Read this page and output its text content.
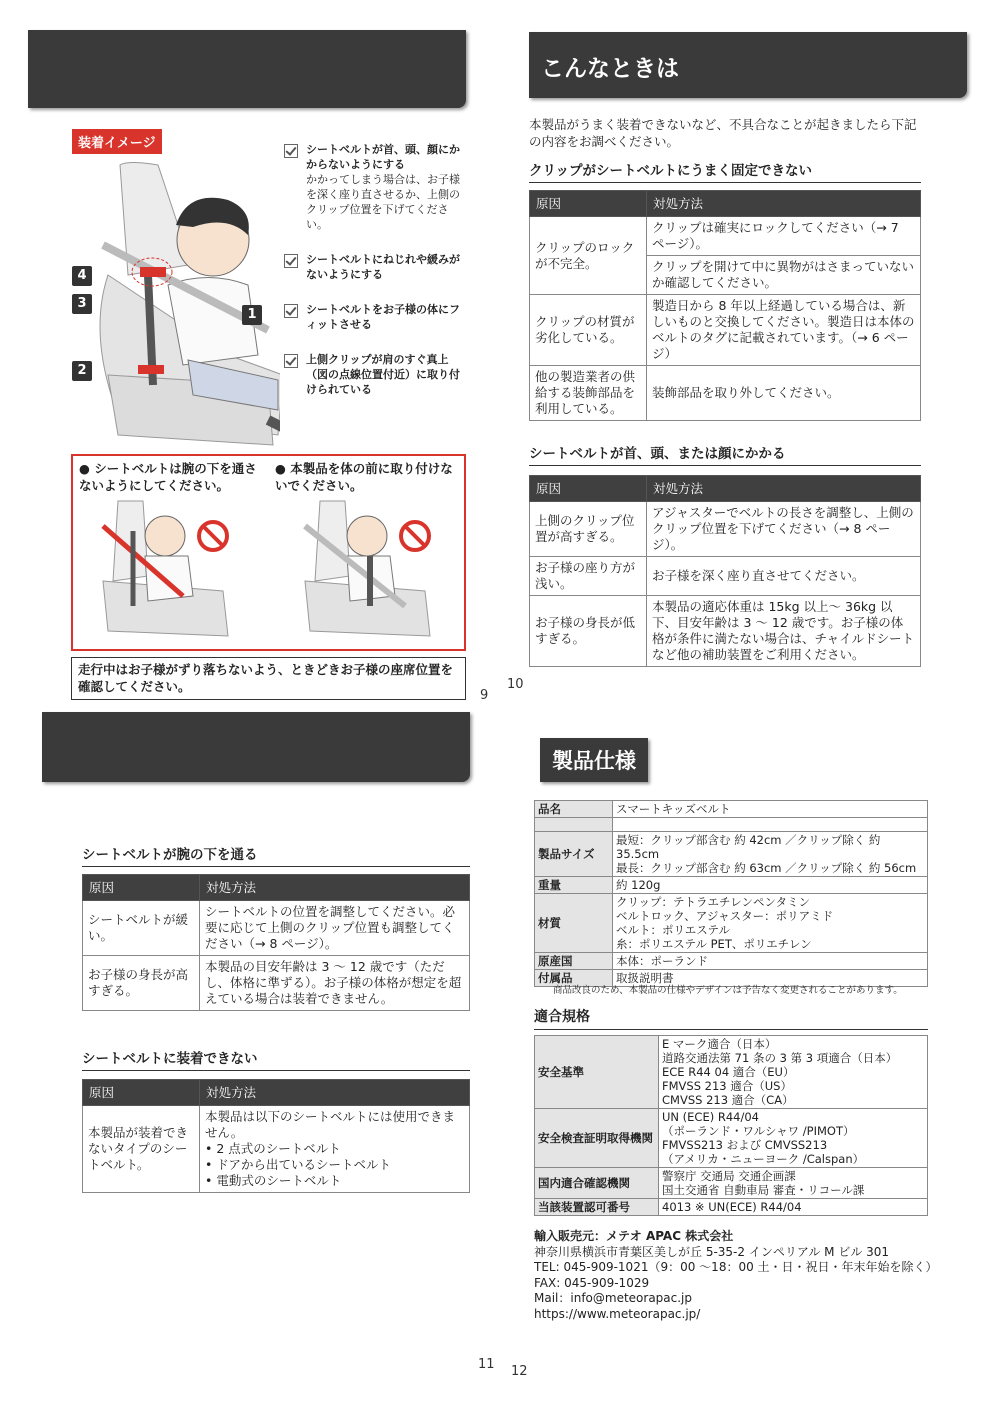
装着イメージ
4
3
1
2
シートベルトが首、頭、顔にかからないようにする
かかってしまう場合は、お子様を深く座り直させるか、上側のクリップ位置を下げてください。
シートベルトにねじれや緩みがないようにする
シートベルトをお子様の体にフィットさせる
上側クリップが肩のすぐ真上（図の点線位置付近）に取り付けられている
● シートベルトは腕の下を通さないようにしてください。
● 本製品を体の前に取り付けないでください。
走行中はお子様がずり落ちないよう、ときどきお子様の座席位置を確認してください。
9
こんなときは
本製品がうまく装着できないなど、不具合なことが起きましたら下記の内容をお調べください。
クリップがシートベルトにうまく固定できない
原因	対処方法
クリップのロックが不完全。	クリップは確実にロックしてください（→ 7 ページ）。
	クリップを開けて中に異物がはさまっていないか確認してください。
クリップの材質が劣化している。	製造日から 8 年以上経過している場合は、新しいものと交換してください。製造日は本体のベルトのタグに記載されています。（→ 6 ページ）
他の製造業者の供給する装飾部品を利用している。	装飾部品を取り外してください。
シートベルトが首、頭、または顔にかかる
原因	対処方法
上側のクリップ位置が高すぎる。	アジャスターでベルトの長さを調整し、上側のクリップ位置を下げてください（→ 8 ページ）。
お子様の座り方が浅い。	お子様を深く座り直させてください。
お子様の身長が低すぎる。	本製品の適応体重は 15kg 以上～ 36kg 以下、目安年齢は 3 ～ 12 歳です。お子様の体格が条件に満たない場合は、チャイルドシートなど他の補助装置をご利用ください。
10
シートベルトが腕の下を通る
原因	対処方法
シートベルトが緩い。	シートベルトの位置を調整してください。必要に応じて上側のクリップ位置も調整してください（→ 8 ページ）。
お子様の身長が高すぎる。	本製品の目安年齢は 3 ～ 12 歳です（ただし、体格に準ずる）。お子様の体格が想定を超えている場合は装着できません。
シートベルトに装着できない
原因	対処方法
本製品が装着できないタイプのシートベルト。	本製品は以下のシートベルトには使用できません。
• 2 点式のシートベルト
• ドアから出ているシートベルト
• 電動式のシートベルト
11
製品仕様
品名	スマートキッズベルト

製品サイズ	最短：クリップ部含む 約 42cm ／クリップ除く 約 35.5cm
最長：クリップ部含む 約 63cm ／クリップ除く 約 56cm

重量	約 120g
材質	クリップ：テトラエチレンペンタミン
ベルトロック、アジャスター：ポリアミド
ベルト：ポリエステル
糸：ポリエステル PET、ポリエチレン

原産国	本体：ポーランド
付属品	取扱説明書
商品改良のため、本製品の仕様やデザインは予告なく変更されることがあります。
適合規格
安全基準	E マーク適合（日本）
道路交通法第 71 条の 3 第 3 項適合（日本）
ECE R44 04 適合（EU）
FMVSS 213 適合（US）
CMVSS 213 適合（CA）

安全検査証明取得機関	UN (ECE) R44/04
（ポーランド・ワルシャワ /PIMOT）
FMVSS213 および CMVSS213
（アメリカ・ニューヨーク /Calspan）

国内適合確認機関	警察庁 交通局 交通企画課
国土交通省 自動車局 審査・リコール課

当該装置認可番号	4013 ※ UN(ECE) R44/04
輸入販売元：メテオ APAC 株式会社
神奈川県横浜市青葉区美しが丘 5-35-2 インペリアル M ビル 301
TEL: 045-909-1021（9：00 ～18：00 土・日・祝日・年末年始を除く）
FAX: 045-909-1029
Mail：info@meteorapac.jp
https://www.meteorapac.jp/
12
